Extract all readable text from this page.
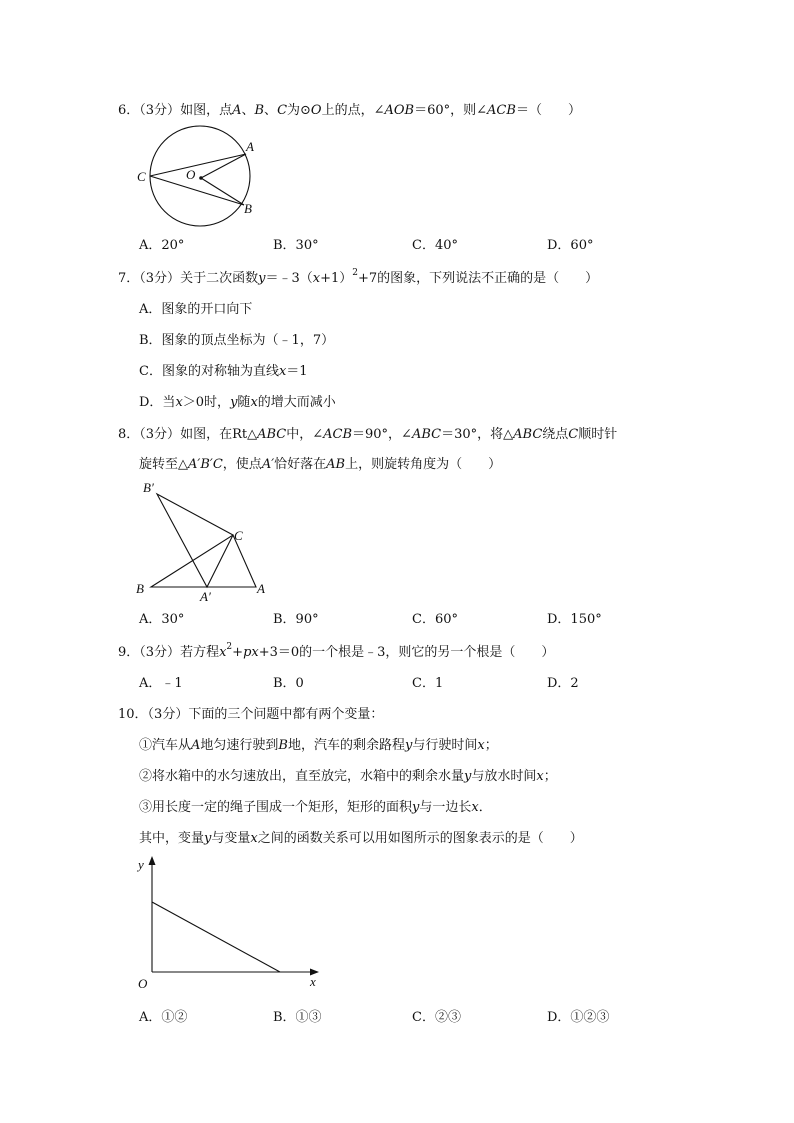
6．（3分）如图，点A、B、C为⊙O上的点，∠AOB＝60°，则∠ACB＝（　　）
C	O
A
B
A．20°	B．30°	C．40°	D．60°
7．（3分）关于二次函数$y=﹣3(x+1)^2+7$的图象，下列说法不正确的是（　　）
A．图象的开口向下
B．图象的顶点坐标为（﹣1，7）
C．图象的对称轴为直线x＝1
D．当x＞0时，y随x的增大而减小
8．（3分）如图，在Rt△ABC中，∠ACB＝90°，∠ABC＝30°，将△ABC绕点C顺时针
旋转至△A′B′C，使点A′恰好落在AB上，则旋转角度为（　　）
B′
C
B
A′
A
A．30°	B．90°	C．60°	D．150°
9．（3分）若方程$x^2+px+3=0$的一个根是﹣3，则它的另一个根是（　　）
A．﹣1	B．0	C．1	D．2
10．（3分）下面的三个问题中都有两个变量：
①汽车从A地匀速行驶到B地，汽车的剩余路程y与行驶时间x；
②将水箱中的水匀速放出，直至放完，水箱中的剩余水量y与放水时间x；
③用长度一定的绳子围成一个矩形，矩形的面积y与一边长x．
其中，变量y与变量x之间的函数关系可以用如图所示的图象表示的是（　　）
y
x
O
A．①②	B．①③	C．②③	D．①②③
